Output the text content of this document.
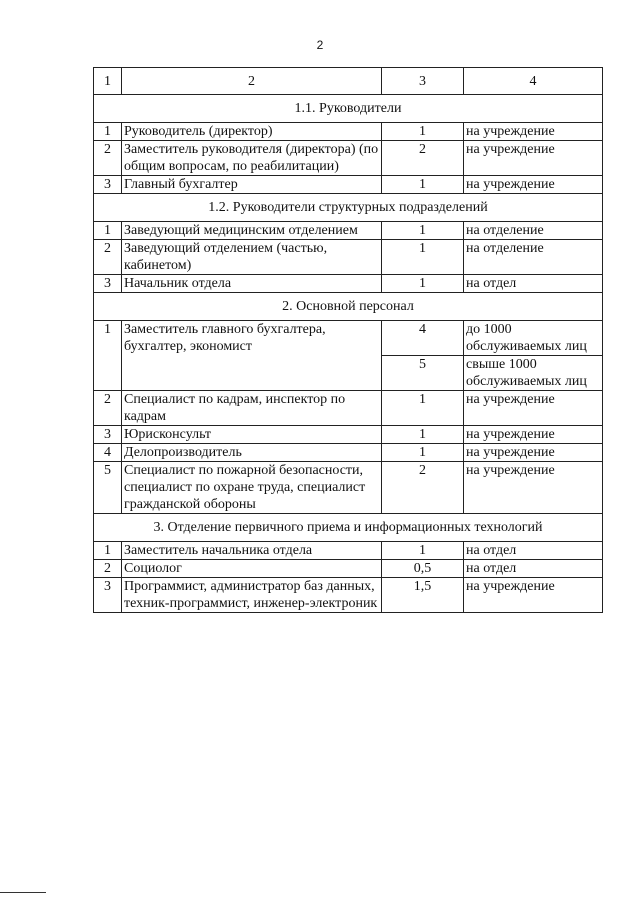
2
1	2	3	4
1.1. Руководители			
1	Руководитель (директор)	1	на учреждение
2	Заместитель руководителя (директора) (по общим вопросам, по реабилитации)	2	на учреждение
3	Главный бухгалтер	1	на учреждение
1.2. Руководители структурных подразделений			
1	Заведующий медицинским отделением	1	на отделение
2	Заведующий отделением (частью, кабинетом)	1	на отделение
3	Начальник отдела	1	на отдел
2. Основной персонал			
1	Заместитель главного бухгалтера, бухгалтер, экономист	4	до 1000 обслуживаемых лиц
		5	свыше 1000 обслуживаемых лиц
2	Специалист по кадрам, инспектор по кадрам	1	на учреждение
3	Юрисконсульт	1	на учреждение
4	Делопроизводитель	1	на учреждение
5	Специалист по пожарной безопасности, специалист по охране труда, специалист гражданской обороны	2	на учреждение
3. Отделение первичного приема и информационных технологий			
1	Заместитель начальника отдела	1	на отдел
2	Социолог	0,5	на отдел
3	Программист, администратор баз данных, техник-программист, инженер-электроник	1,5	на учреждение
